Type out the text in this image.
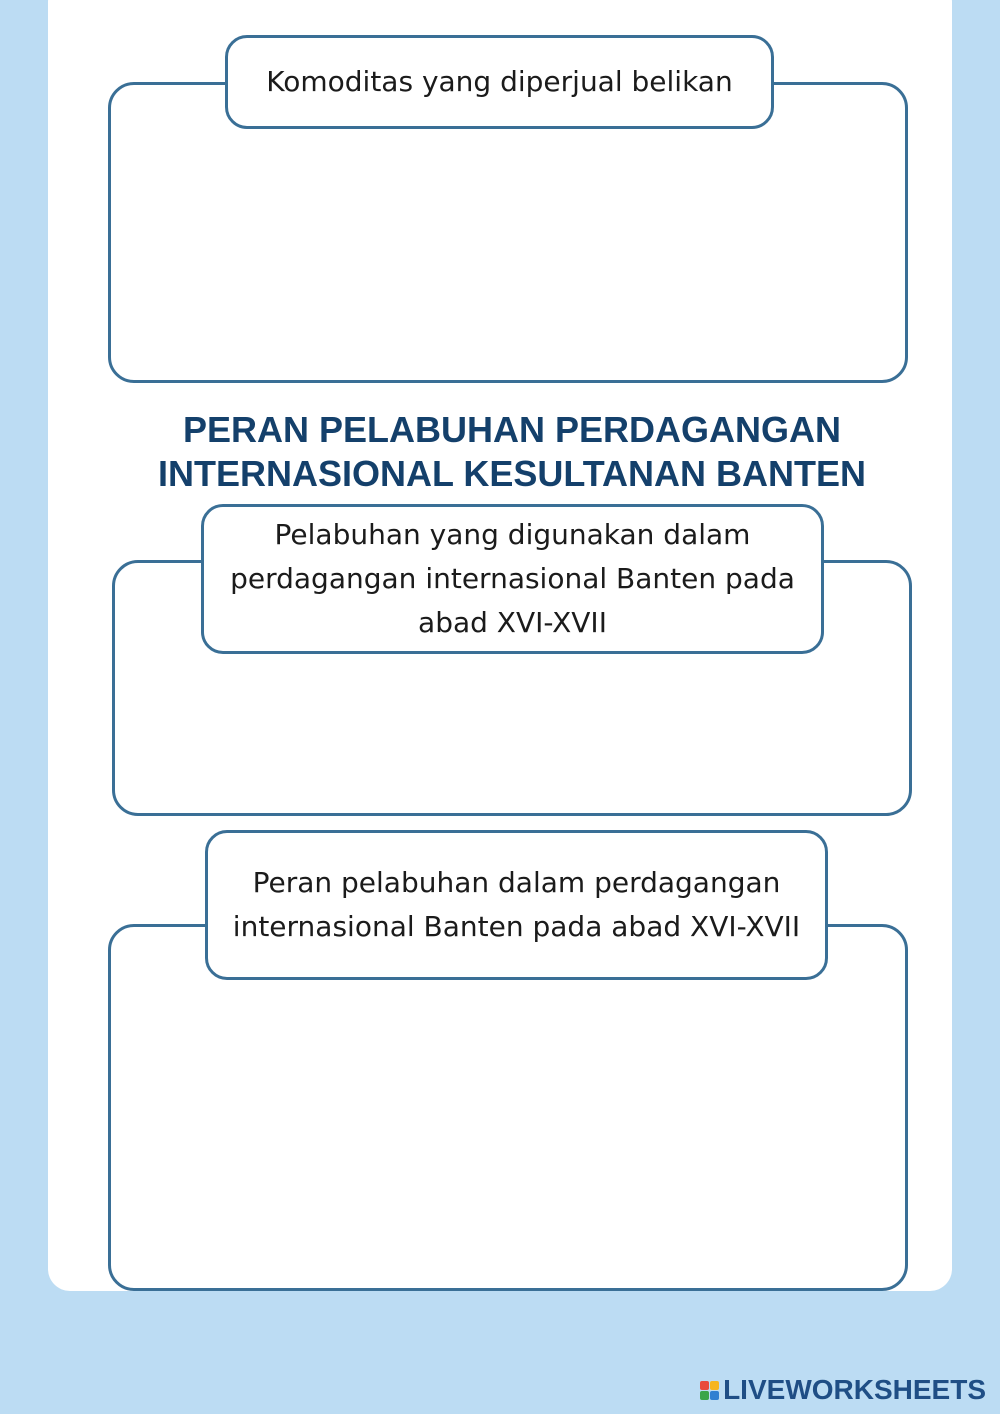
Komoditas yang diperjual belikan
PERAN PELABUHAN PERDAGANGAN INTERNASIONAL KESULTANAN BANTEN
Pelabuhan yang digunakan dalam perdagangan internasional Banten pada abad XVI-XVII
Peran pelabuhan dalam perdagangan internasional Banten pada abad XVI-XVII
LIVEWORKSHEETS
